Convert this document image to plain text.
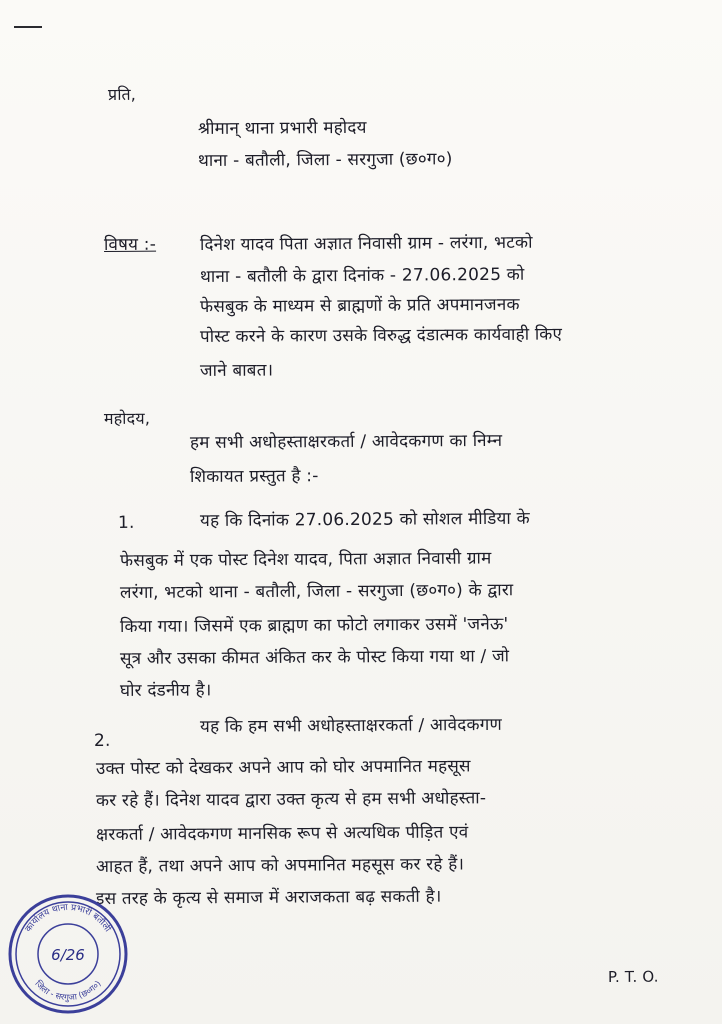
प्रति,
श्रीमान् थाना प्रभारी महोदय
थाना - बतौली, जिला - सरगुजा (छ०ग०)
विषय :-	दिनेश यादव पिता अज्ञात निवासी ग्राम - लरंगा, भटको
थाना - बतौली के द्वारा दिनांक - 27.06.2025 को
फेसबुक के माध्यम से ब्राह्मणों के प्रति अपमानजनक
पोस्ट करने के कारण उसके विरुद्ध दंडात्मक कार्यवाही किए
जाने बाबत।
महोदय,
हम सभी अधोहस्ताक्षरकर्ता / आवेदकगण का निम्न
शिकायत प्रस्तुत है :-
1.	यह कि दिनांक 27.06.2025 को सोशल मीडिया के
फेसबुक में एक पोस्ट दिनेश यादव, पिता अज्ञात निवासी ग्राम
लरंगा, भटको थाना - बतौली, जिला - सरगुजा (छ०ग०) के द्वारा
किया गया। जिसमें एक ब्राह्मण का फोटो लगाकर उसमें 'जनेऊ'
सूत्र और उसका कीमत अंकित कर के पोस्ट किया गया था / जो
घोर दंडनीय है।
2.
यह कि हम सभी अधोहस्ताक्षरकर्ता / आवेदकगण
उक्त पोस्ट को देखकर अपने आप को घोर अपमानित महसूस
कर रहे हैं। दिनेश यादव द्वारा उक्त कृत्य से हम सभी अधोहस्ता-
क्षरकर्ता / आवेदकगण मानसिक रूप से अत्यधिक पीड़ित एवं
आहत हैं, तथा अपने आप को अपमानित महसूस कर रहे हैं।
इस तरह के कृत्य से समाज में अराजकता बढ़ सकती है।
P. T. O.
कार्यालय थाना प्रभारी बतौली
जिला - सरगुजा (छ०ग०)
6/26
